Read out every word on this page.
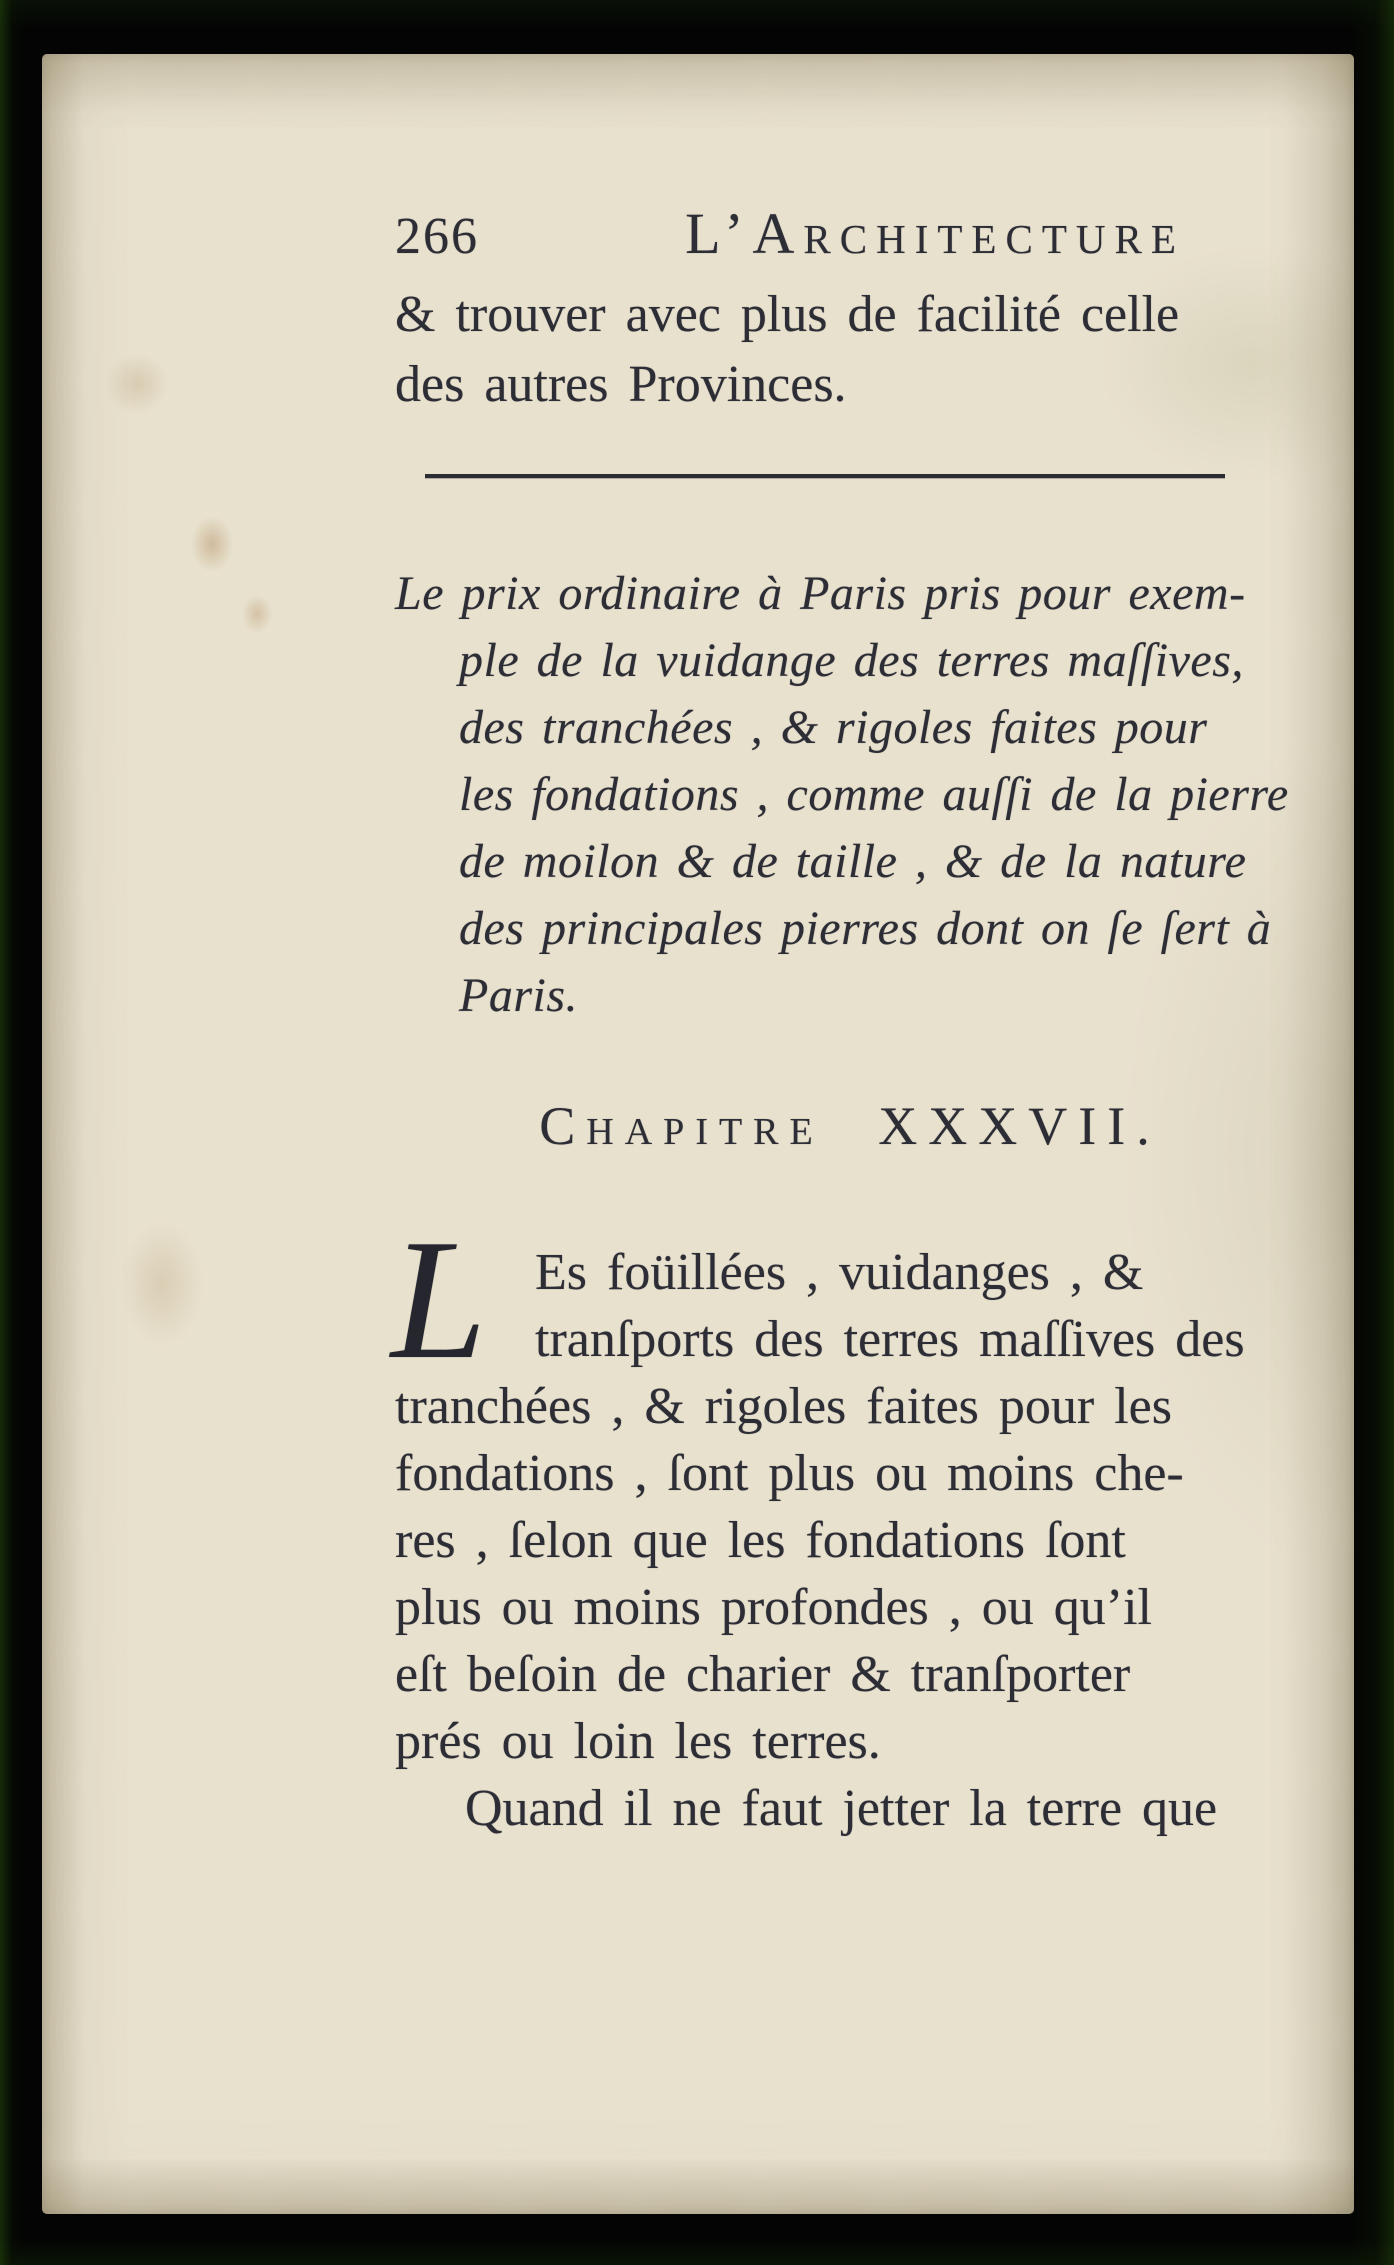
266	L’Architecture
& trouver avec plus de facilité celle
des autres Provinces.
Le prix ordinaire à Paris pris pour exem-
ple de la vuidange des terres maſſives,
des tranchées , & rigoles faites pour
les fondations , comme auſſi de la pierre
de moilon & de taille , & de la nature
des principales pierres dont on ſe ſert à
Paris.
Chapitre XXXVII.
L Es foüillées , vuidanges , &
tranſports des terres maſſives des
tranchées , & rigoles faites pour les
fondations , ſont plus ou moins che-
res , ſelon que les fondations ſont
plus ou moins profondes , ou qu’il
eſt beſoin de charier & tranſporter
prés ou loin les terres.
Quand il ne faut jetter la terre que
